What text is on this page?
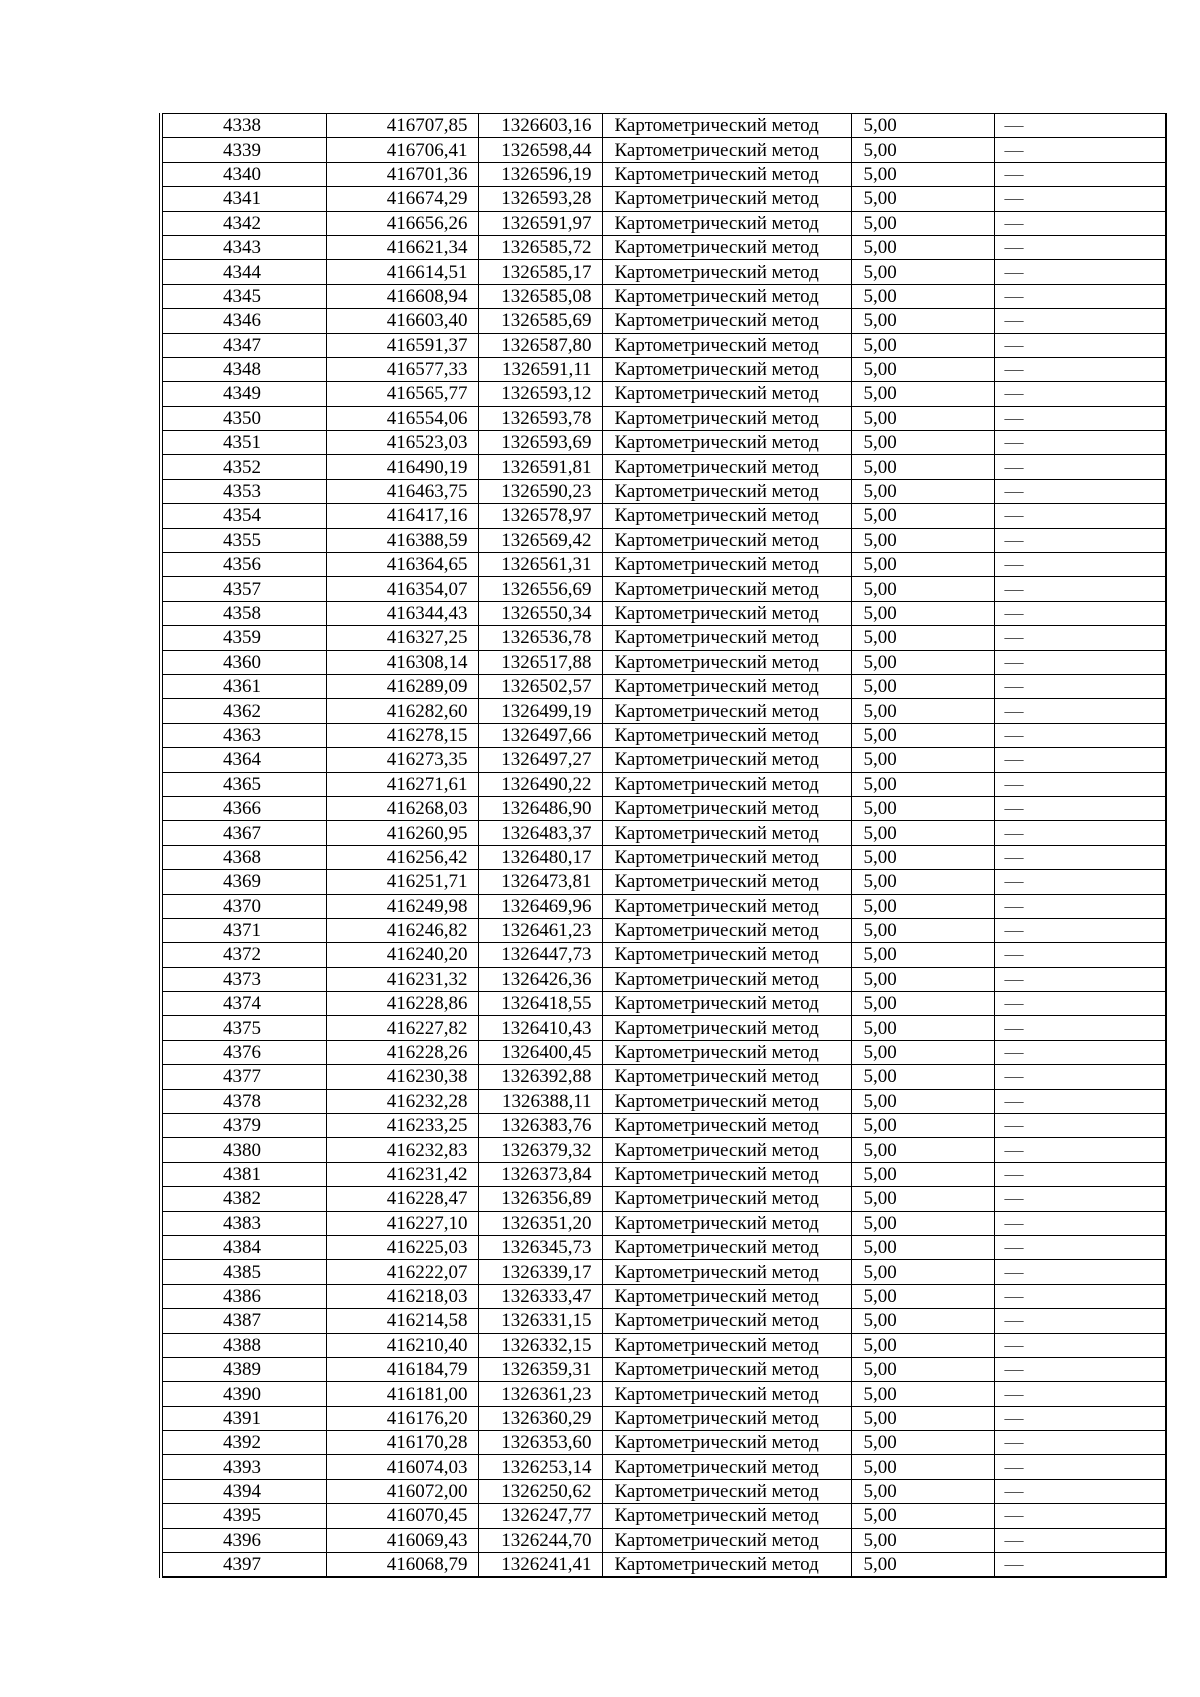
4338	416707,85	1326603,16	Картометрический метод	5,00	—
4339	416706,41	1326598,44	Картометрический метод	5,00	—
4340	416701,36	1326596,19	Картометрический метод	5,00	—
4341	416674,29	1326593,28	Картометрический метод	5,00	—
4342	416656,26	1326591,97	Картометрический метод	5,00	—
4343	416621,34	1326585,72	Картометрический метод	5,00	—
4344	416614,51	1326585,17	Картометрический метод	5,00	—
4345	416608,94	1326585,08	Картометрический метод	5,00	—
4346	416603,40	1326585,69	Картометрический метод	5,00	—
4347	416591,37	1326587,80	Картометрический метод	5,00	—
4348	416577,33	1326591,11	Картометрический метод	5,00	—
4349	416565,77	1326593,12	Картометрический метод	5,00	—
4350	416554,06	1326593,78	Картометрический метод	5,00	—
4351	416523,03	1326593,69	Картометрический метод	5,00	—
4352	416490,19	1326591,81	Картометрический метод	5,00	—
4353	416463,75	1326590,23	Картометрический метод	5,00	—
4354	416417,16	1326578,97	Картометрический метод	5,00	—
4355	416388,59	1326569,42	Картометрический метод	5,00	—
4356	416364,65	1326561,31	Картометрический метод	5,00	—
4357	416354,07	1326556,69	Картометрический метод	5,00	—
4358	416344,43	1326550,34	Картометрический метод	5,00	—
4359	416327,25	1326536,78	Картометрический метод	5,00	—
4360	416308,14	1326517,88	Картометрический метод	5,00	—
4361	416289,09	1326502,57	Картометрический метод	5,00	—
4362	416282,60	1326499,19	Картометрический метод	5,00	—
4363	416278,15	1326497,66	Картометрический метод	5,00	—
4364	416273,35	1326497,27	Картометрический метод	5,00	—
4365	416271,61	1326490,22	Картометрический метод	5,00	—
4366	416268,03	1326486,90	Картометрический метод	5,00	—
4367	416260,95	1326483,37	Картометрический метод	5,00	—
4368	416256,42	1326480,17	Картометрический метод	5,00	—
4369	416251,71	1326473,81	Картометрический метод	5,00	—
4370	416249,98	1326469,96	Картометрический метод	5,00	—
4371	416246,82	1326461,23	Картометрический метод	5,00	—
4372	416240,20	1326447,73	Картометрический метод	5,00	—
4373	416231,32	1326426,36	Картометрический метод	5,00	—
4374	416228,86	1326418,55	Картометрический метод	5,00	—
4375	416227,82	1326410,43	Картометрический метод	5,00	—
4376	416228,26	1326400,45	Картометрический метод	5,00	—
4377	416230,38	1326392,88	Картометрический метод	5,00	—
4378	416232,28	1326388,11	Картометрический метод	5,00	—
4379	416233,25	1326383,76	Картометрический метод	5,00	—
4380	416232,83	1326379,32	Картометрический метод	5,00	—
4381	416231,42	1326373,84	Картометрический метод	5,00	—
4382	416228,47	1326356,89	Картометрический метод	5,00	—
4383	416227,10	1326351,20	Картометрический метод	5,00	—
4384	416225,03	1326345,73	Картометрический метод	5,00	—
4385	416222,07	1326339,17	Картометрический метод	5,00	—
4386	416218,03	1326333,47	Картометрический метод	5,00	—
4387	416214,58	1326331,15	Картометрический метод	5,00	—
4388	416210,40	1326332,15	Картометрический метод	5,00	—
4389	416184,79	1326359,31	Картометрический метод	5,00	—
4390	416181,00	1326361,23	Картометрический метод	5,00	—
4391	416176,20	1326360,29	Картометрический метод	5,00	—
4392	416170,28	1326353,60	Картометрический метод	5,00	—
4393	416074,03	1326253,14	Картометрический метод	5,00	—
4394	416072,00	1326250,62	Картометрический метод	5,00	—
4395	416070,45	1326247,77	Картометрический метод	5,00	—
4396	416069,43	1326244,70	Картометрический метод	5,00	—
4397	416068,79	1326241,41	Картометрический метод	5,00	—
